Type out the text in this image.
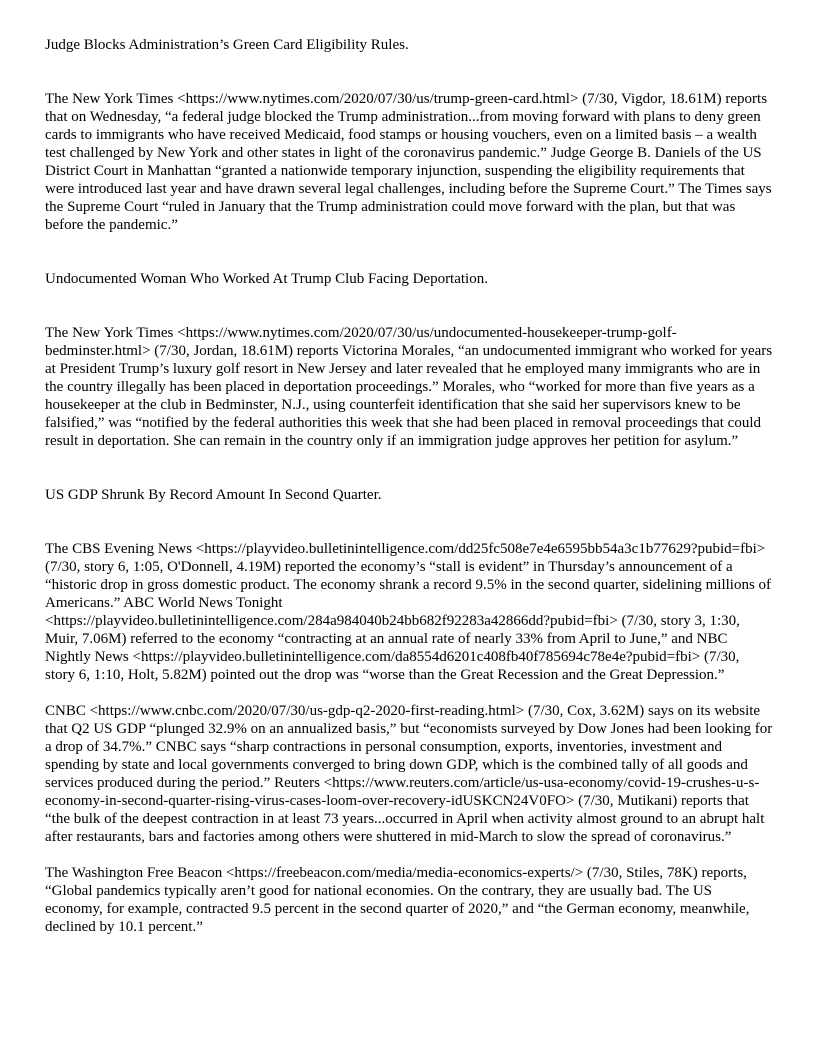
Judge Blocks Administration’s Green Card Eligibility Rules.

The New York Times <https://www.nytimes.com/2020/07/30/us/trump-green-card.html> (7/30, Vigdor, 18.61M) reports that on Wednesday, “a federal judge blocked the Trump administration...from moving forward with plans to deny green cards to immigrants who have received Medicaid, food stamps or housing vouchers, even on a limited basis – a wealth test challenged by New York and other states in light of the coronavirus pandemic.” Judge George B. Daniels of the US District Court in Manhattan “granted a nationwide temporary injunction, suspending the eligibility requirements that were introduced last year and have drawn several legal challenges, including before the Supreme Court.” The Times says the Supreme Court “ruled in January that the Trump administration could move forward with the plan, but that was before the pandemic.”

Undocumented Woman Who Worked At Trump Club Facing Deportation.

The New York Times <https://www.nytimes.com/2020/07/30/us/undocumented-housekeeper-trump-golf-bedminster.html> (7/30, Jordan, 18.61M) reports Victorina Morales, “an undocumented immigrant who worked for years at President Trump’s luxury golf resort in New Jersey and later revealed that he employed many immigrants who are in the country illegally has been placed in deportation proceedings.” Morales, who “worked for more than five years as a housekeeper at the club in Bedminster, N.J., using counterfeit identification that she said her supervisors knew to be falsified,” was “notified by the federal authorities this week that she had been placed in removal proceedings that could result in deportation. She can remain in the country only if an immigration judge approves her petition for asylum.”

US GDP Shrunk By Record Amount In Second Quarter.

The CBS Evening News <https://playvideo.bulletinintelligence.com/dd25fc508e7e4e6595bb54a3c1b77629?pubid=fbi> (7/30, story 6, 1:05, O'Donnell, 4.19M) reported the economy’s “stall is evident” in Thursday’s announcement of a “historic drop in gross domestic product. The economy shrank a record 9.5% in the second quarter, sidelining millions of Americans.” ABC World News Tonight <https://playvideo.bulletinintelligence.com/284a984040b24bb682f92283a42866dd?pubid=fbi> (7/30, story 3, 1:30, Muir, 7.06M) referred to the economy “contracting at an annual rate of nearly 33% from April to June,” and NBC Nightly News <https://playvideo.bulletinintelligence.com/da8554d6201c408fb40f785694c78e4e?pubid=fbi> (7/30, story 6, 1:10, Holt, 5.82M) pointed out the drop was “worse than the Great Recession and the Great Depression.”

CNBC <https://www.cnbc.com/2020/07/30/us-gdp-q2-2020-first-reading.html> (7/30, Cox, 3.62M) says on its website that Q2 US GDP “plunged 32.9% on an annualized basis,” but “economists surveyed by Dow Jones had been looking for a drop of 34.7%.” CNBC says “sharp contractions in personal consumption, exports, inventories, investment and spending by state and local governments converged to bring down GDP, which is the combined tally of all goods and services produced during the period.” Reuters <https://www.reuters.com/article/us-usa-economy/covid-19-crushes-u-s-economy-in-second-quarter-rising-virus-cases-loom-over-recovery-idUSKCN24V0FO> (7/30, Mutikani) reports that “the bulk of the deepest contraction in at least 73 years...occurred in April when activity almost ground to an abrupt halt after restaurants, bars and factories among others were shuttered in mid-March to slow the spread of coronavirus.”

The Washington Free Beacon <https://freebeacon.com/media/media-economics-experts/> (7/30, Stiles, 78K) reports, “Global pandemics typically aren’t good for national economies. On the contrary, they are usually bad. The US economy, for example, contracted 9.5 percent in the second quarter of 2020,” and “the German economy, meanwhile, declined by 10.1 percent.”
